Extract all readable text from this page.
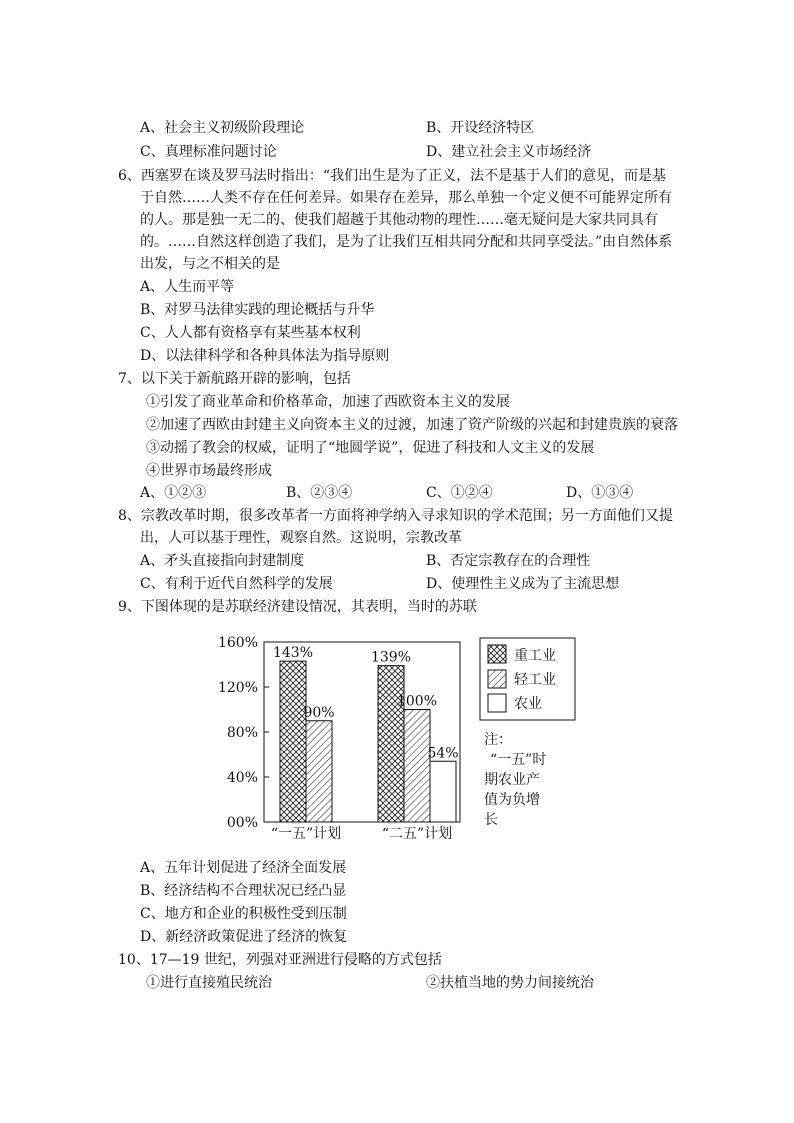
A、社会主义初级阶段理论	B、开设经济特区
C、真理标准问题讨论	D、建立社会主义市场经济
6、西塞罗在谈及罗马法时指出：“我们出生是为了正义，法不是基于人们的意见，而是基
于自然……人类不存在任何差异。如果存在差异，那么单独一个定义便不可能界定所有
的人。那是独一无二的、使我们超越于其他动物的理性……毫无疑问是大家共同具有
的。……自然这样创造了我们，是为了让我们互相共同分配和共同享受法。”由自然体系
出发，与之不相关的是
A、人生而平等
B、对罗马法律实践的理论概括与升华
C、人人都有资格享有某些基本权利
D、以法律科学和各种具体法为指导原则
7、以下关于新航路开辟的影响，包括
①引发了商业革命和价格革命，加速了西欧资本主义的发展
②加速了西欧由封建主义向资本主义的过渡，加速了资产阶级的兴起和封建贵族的衰落
③动摇了教会的权威，证明了“地圆学说”，促进了科技和人文主义的发展
④世界市场最终形成
A、①②③	B、②③④	C、①②④	D、①③④
8、宗教改革时期，很多改革者一方面将神学纳入寻求知识的学术范围；另一方面他们又提
出，人可以基于理性，观察自然。这说明，宗教改革
A、矛头直接指向封建制度	B、否定宗教存在的合理性
C、有利于近代自然科学的发展	D、使理性主义成为了主流思想
9、下图体现的是苏联经济建设情况，其表明，当时的苏联
00%
40%
80%
120%
160%
143%
90%
139%
100%
54%
“一五”计划	“二五”计划
重工业
轻工业
农业
注：
“一五”时
期农业产
值为负增
长
A、五年计划促进了经济全面发展
B、经济结构不合理状况已经凸显
C、地方和企业的积极性受到压制
D、新经济政策促进了经济的恢复
10、17—19 世纪，列强对亚洲进行侵略的方式包括
①进行直接殖民统治	②扶植当地的势力间接统治
